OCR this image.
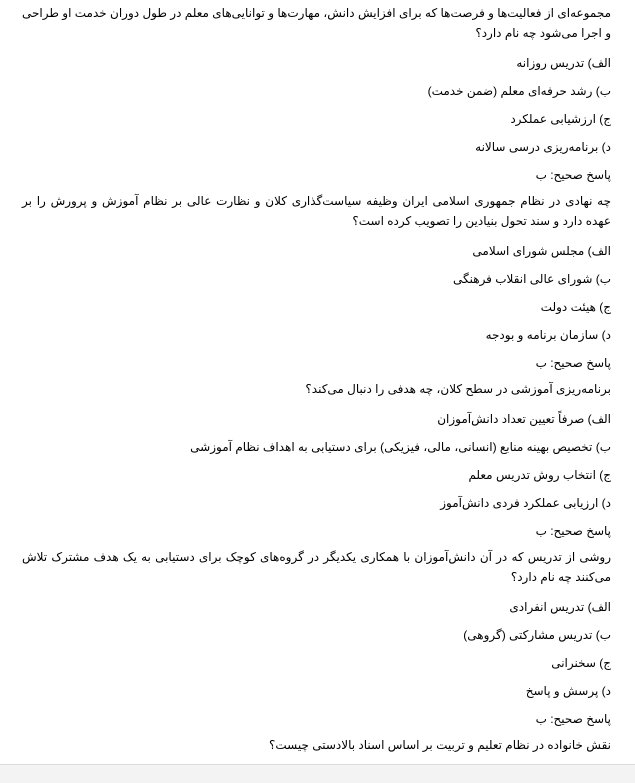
مجموعه‌ای از فعالیت‌ها و فرصت‌ها که برای افزایش دانش، مهارت‌ها و توانایی‌های معلم در طول دوران خدمت او طراحی و اجرا می‌شود چه نام دارد؟

الف) تدریس روزانه

ب) رشد حرفه‌ای معلم (ضمن خدمت)

ج) ارزشیابی عملکرد

د) برنامه‌ریزی درسی سالانه

پاسخ صحیح: ب

چه نهادی در نظام جمهوری اسلامی ایران وظیفه سیاست‌گذاری کلان و نظارت عالی بر نظام آموزش و پرورش را بر عهده دارد و سند تحول بنیادین را تصویب کرده است؟

الف) مجلس شورای اسلامی

ب) شورای عالی انقلاب فرهنگی

ج) هیئت دولت

د) سازمان برنامه و بودجه

پاسخ صحیح: ب

برنامه‌ریزی آموزشی در سطح کلان، چه هدفی را دنبال می‌کند؟

الف) صرفاً تعیین تعداد دانش‌آموزان

ب) تخصیص بهینه منابع (انسانی، مالی، فیزیکی) برای دستیابی به اهداف نظام آموزشی

ج) انتخاب روش تدریس معلم

د) ارزیابی عملکرد فردی دانش‌آموز

پاسخ صحیح: ب

روشی از تدریس که در آن دانش‌آموزان با همکاری یکدیگر در گروه‌های کوچک برای دستیابی به یک هدف مشترک تلاش می‌کنند چه نام دارد؟

الف) تدریس انفرادی

ب) تدریس مشارکتی (گروهی)

ج) سخنرانی

د) پرسش و پاسخ

پاسخ صحیح: ب

نقش خانواده در نظام تعلیم و تربیت بر اساس اسناد بالادستی چیست؟
